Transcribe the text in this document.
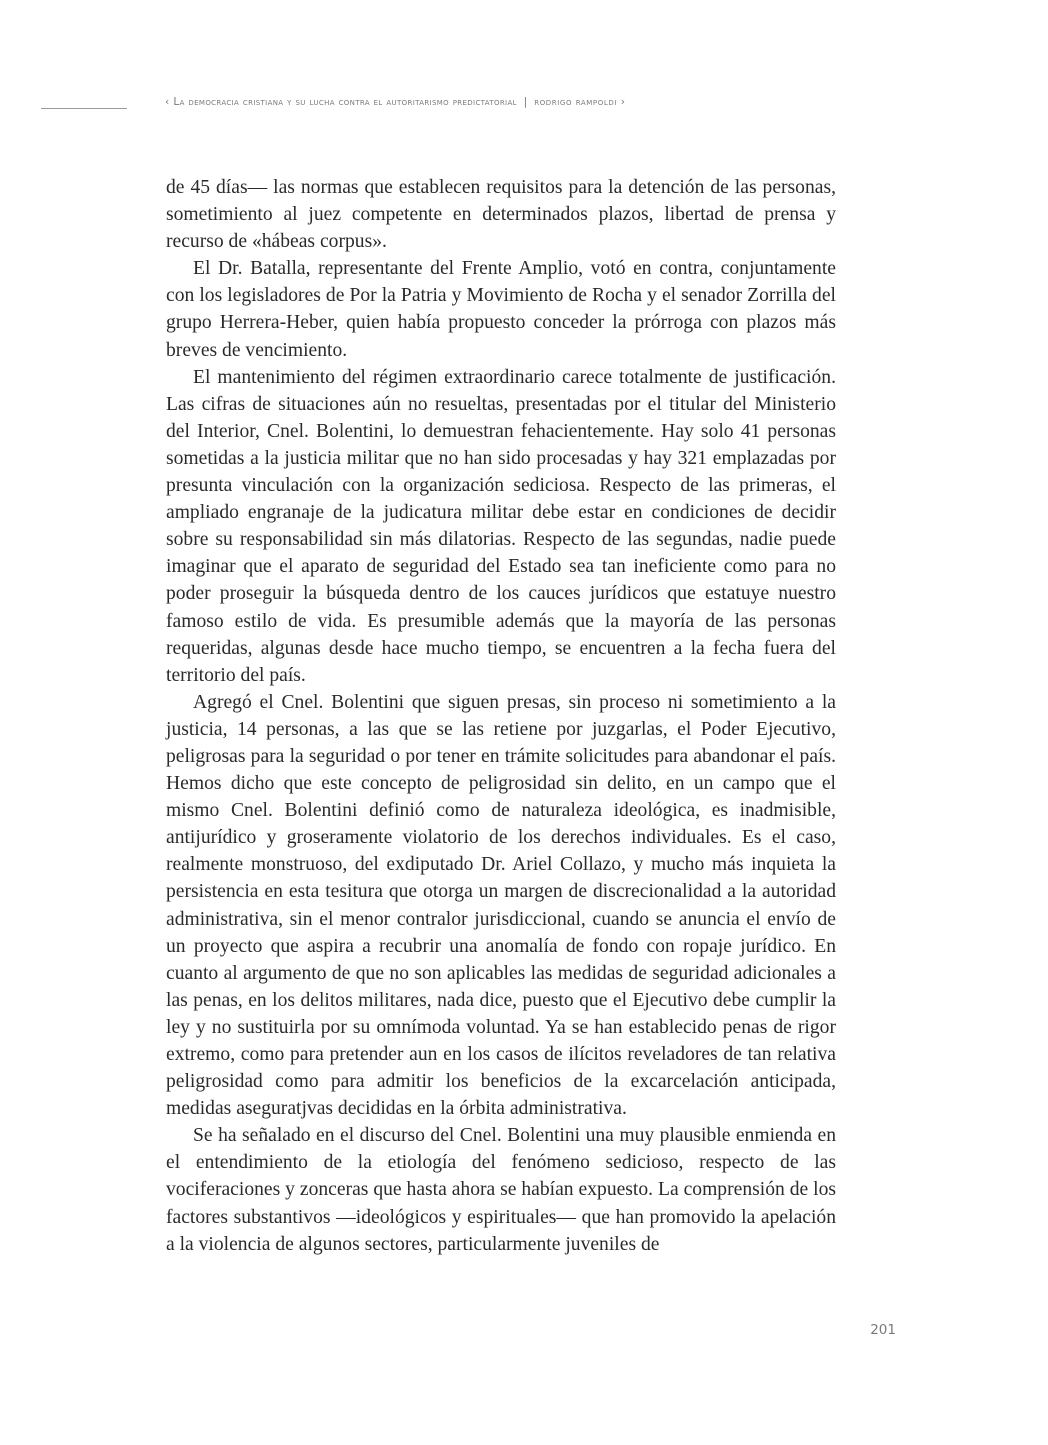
‹ La democracia cristiana y su lucha contra el autoritarismo predictatorial | rodrigo rampoldi ›

de 45 días— las normas que establecen requisitos para la detención de las personas, sometimiento al juez competente en determinados plazos, libertad de prensa y recurso de «hábeas corpus».

El Dr. Batalla, representante del Frente Amplio, votó en contra, conjuntamente con los legisladores de Por la Patria y Movimiento de Rocha y el senador Zorrilla del grupo Herrera-Heber, quien había propuesto conceder la prórroga con plazos más breves de vencimiento.

El mantenimiento del régimen extraordinario carece totalmente de justificación. Las cifras de situaciones aún no resueltas, presentadas por el titular del Ministerio del Interior, Cnel. Bolentini, lo demuestran fehacientemente. Hay solo 41 personas sometidas a la justicia militar que no han sido procesadas y hay 321 emplazadas por presunta vinculación con la organización sediciosa. Respecto de las primeras, el ampliado engranaje de la judicatura militar debe estar en condiciones de decidir sobre su responsabilidad sin más dilatorias. Respecto de las segundas, nadie puede imaginar que el aparato de seguridad del Estado sea tan ineficiente como para no poder proseguir la búsqueda dentro de los cauces jurídicos que estatuye nuestro famoso estilo de vida. Es presumible además que la mayoría de las personas requeridas, algunas desde hace mucho tiempo, se encuentren a la fecha fuera del territorio del país.

Agregó el Cnel. Bolentini que siguen presas, sin proceso ni sometimiento a la justicia, 14 personas, a las que se las retiene por juzgarlas, el Poder Ejecutivo, peligrosas para la seguridad o por tener en trámite solicitudes para abandonar el país. Hemos dicho que este concepto de peligrosidad sin delito, en un campo que el mismo Cnel. Bolentini definió como de naturaleza ideológica, es inadmisible, antijurídico y groseramente violatorio de los derechos individuales. Es el caso, realmente monstruoso, del exdiputado Dr. Ariel Collazo, y mucho más inquieta la persistencia en esta tesitura que otorga un margen de discrecionalidad a la autoridad administrativa, sin el menor contralor jurisdiccional, cuando se anuncia el envío de un proyecto que aspira a recubrir una anomalía de fondo con ropaje jurídico. En cuanto al argumento de que no son aplicables las medidas de seguridad adicionales a las penas, en los delitos militares, nada dice, puesto que el Ejecutivo debe cumplir la ley y no sustituirla por su omnímoda voluntad. Ya se han establecido penas de rigor extremo, como para pretender aun en los casos de ilícitos reveladores de tan relativa peligrosidad como para admitir los beneficios de la excarcelación anticipada, medidas aseguratjvas decididas en la órbita administrativa.

Se ha señalado en el discurso del Cnel. Bolentini una muy plausible enmienda en el entendimiento de la etiología del fenómeno sedicioso, respecto de las vociferaciones y zonceras que hasta ahora se habían expuesto. La comprensión de los factores substantivos —ideológicos y espirituales— que han promovido la apelación a la violencia de algunos sectores, particularmente juveniles de

201
